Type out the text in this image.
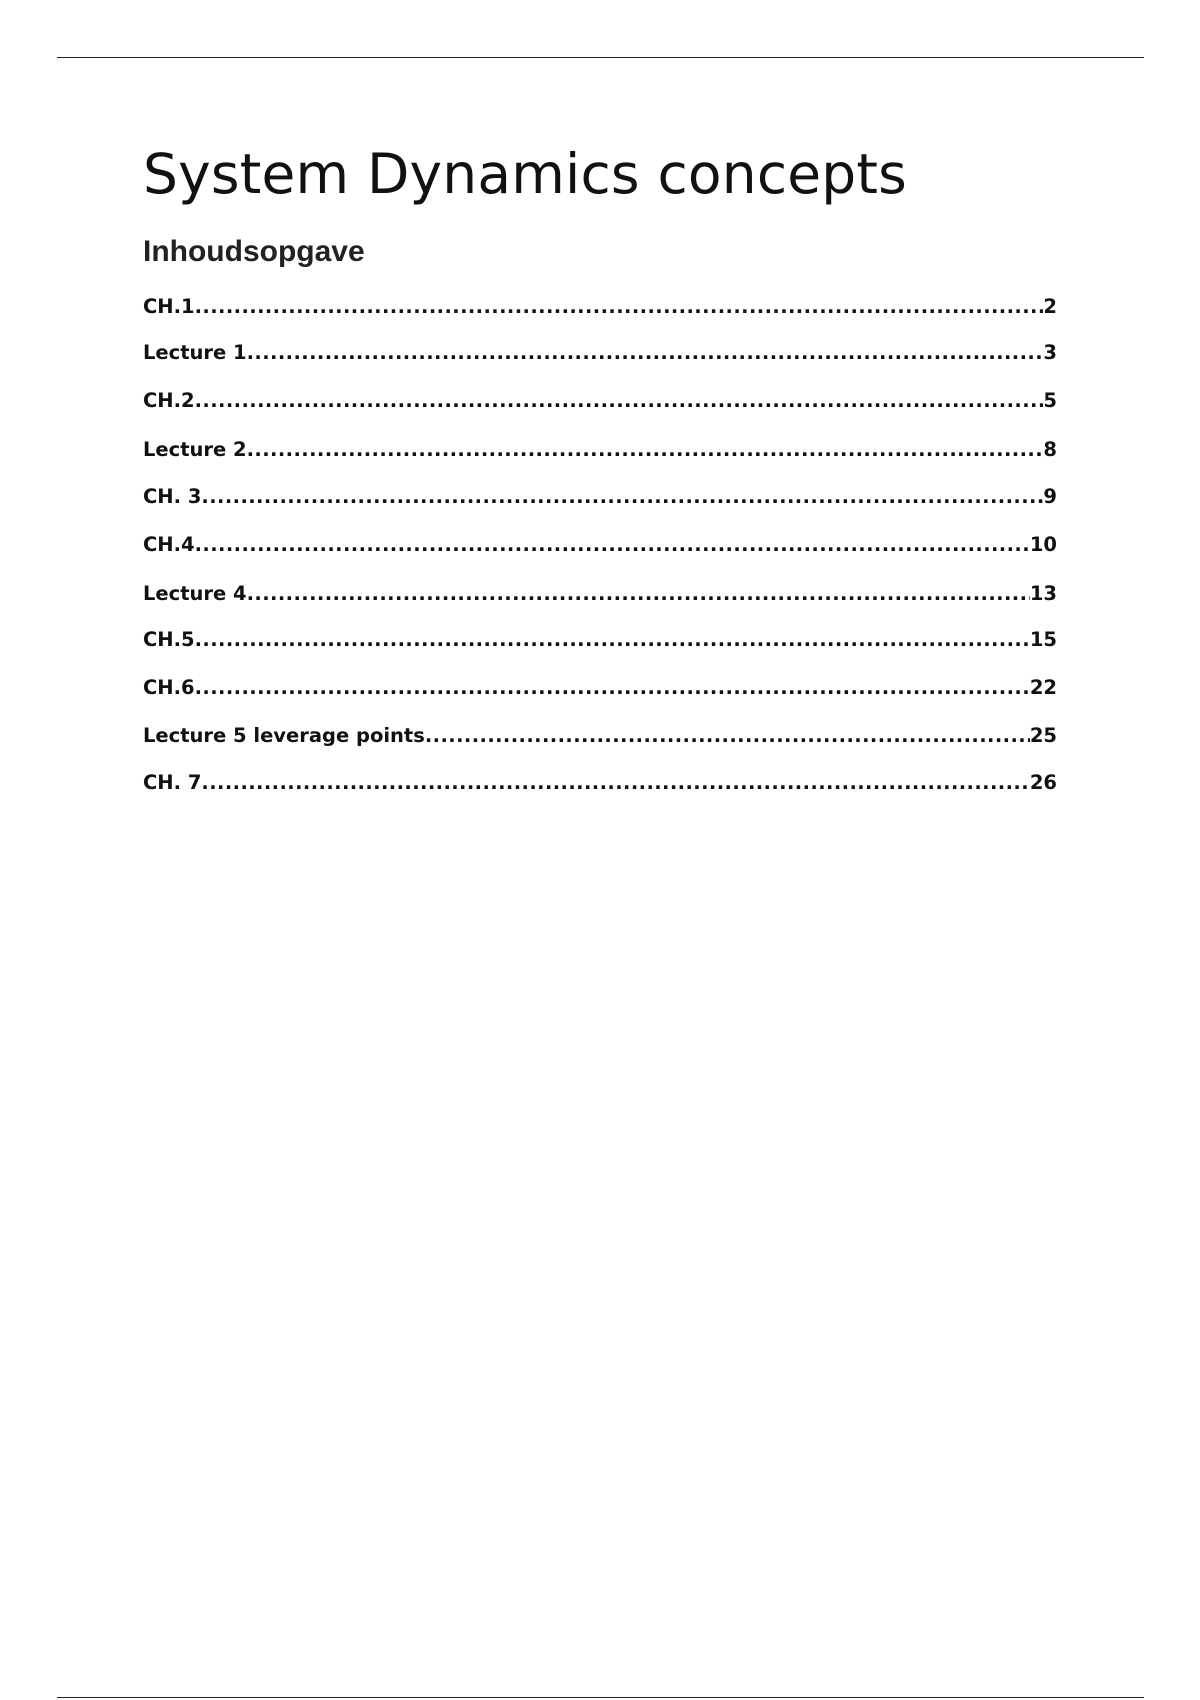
System Dynamics concepts
Inhoudsopgave
CH.1 .....	2
Lecture 1 .....	3
CH.2 .....	5
Lecture 2 .....	8
CH. 3 .....	9
CH.4 .....	10
Lecture 4 .....	13
CH.5 .....	15
CH.6 .....	22
Lecture 5 leverage points .....	25
CH. 7 .....	26
